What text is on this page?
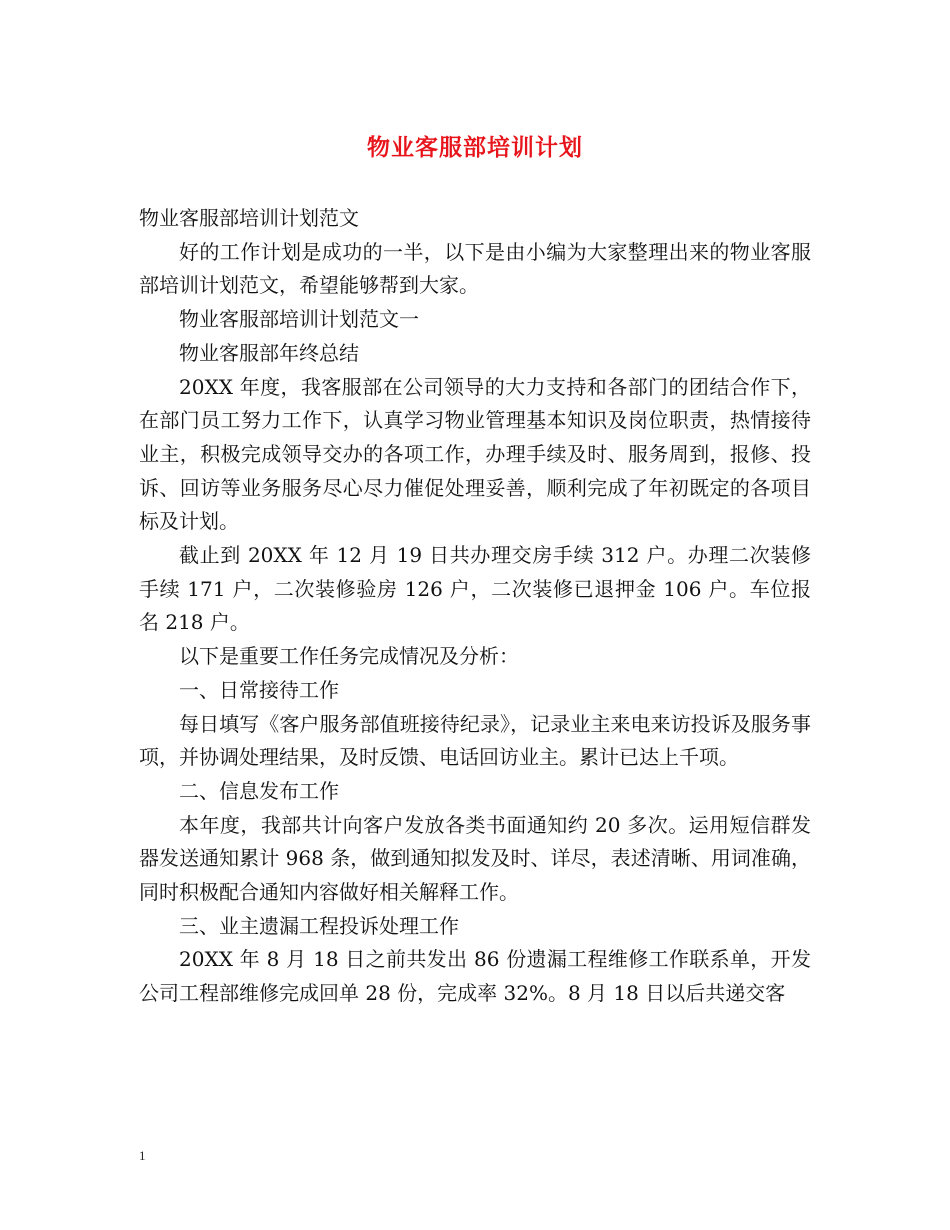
物业客服部培训计划

物业客服部培训计划范文

好的工作计划是成功的一半，以下是由小编为大家整理出来的物业客服部培训计划范文，希望能够帮到大家。

物业客服部培训计划范文一

物业客服部年终总结

20XX 年度，我客服部在公司领导的大力支持和各部门的团结合作下，在部门员工努力工作下，认真学习物业管理基本知识及岗位职责，热情接待业主，积极完成领导交办的各项工作，办理手续及时、服务周到，报修、投诉、回访等业务服务尽心尽力催促处理妥善，顺利完成了年初既定的各项目标及计划。

截止到 20XX 年 12 月 19 日共办理交房手续 312 户。办理二次装修手续 171 户，二次装修验房 126 户，二次装修已退押金 106 户。车位报名 218 户。

以下是重要工作任务完成情况及分析：

一、日常接待工作

每日填写《客户服务部值班接待纪录》，记录业主来电来访投诉及服务事项，并协调处理结果，及时反馈、电话回访业主。累计已达上千项。

二、信息发布工作

本年度，我部共计向客户发放各类书面通知约 20 多次。运用短信群发器发送通知累计 968 条，做到通知拟发及时、详尽，表述清晰、用词准确，同时积极配合通知内容做好相关解释工作。

三、业主遗漏工程投诉处理工作

20XX 年 8 月 18 日之前共发出 86 份遗漏工程维修工作联系单，开发公司工程部维修完成回单 28 份，完成率 32%。8 月 18 日以后共递交客

1
